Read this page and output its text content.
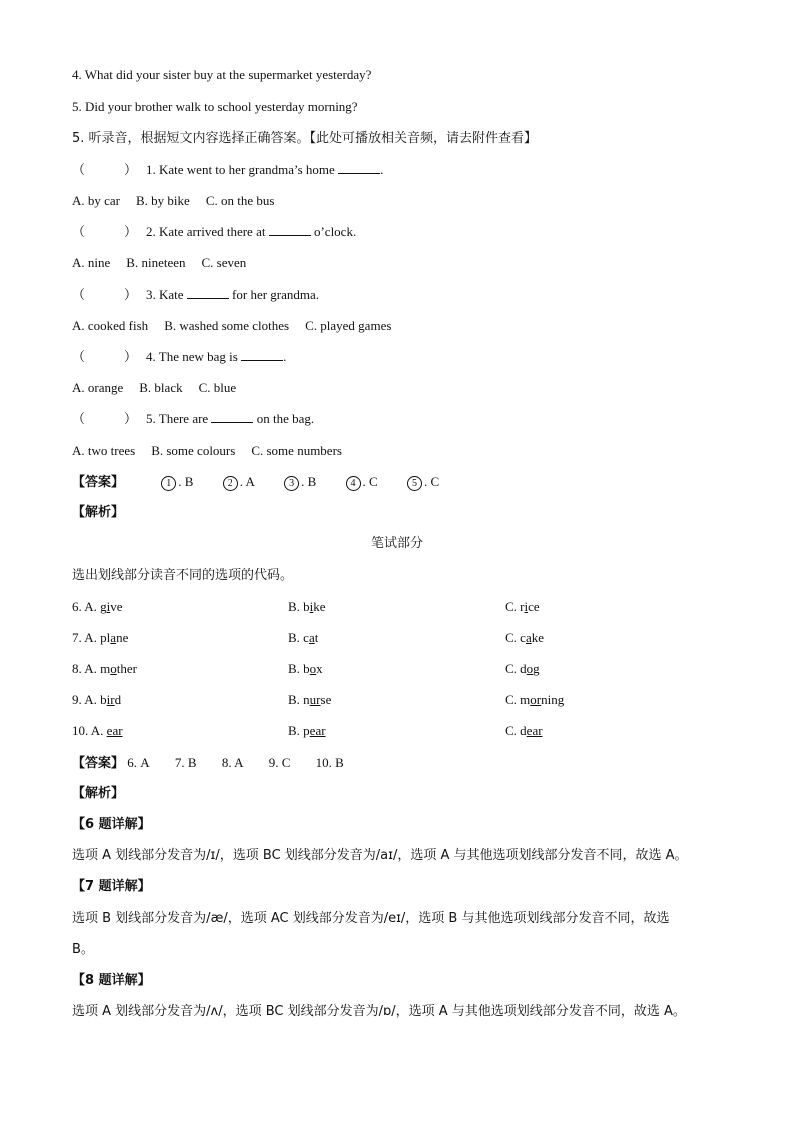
4. What did your sister buy at the supermarket yesterday?
5. Did your brother walk to school yesterday morning?
5. 听录音，根据短文内容选择正确答案。【此处可播放相关音频，请去附件查看】
（　　　） 1. Kate went to her grandma’s home	.
A. by car B. by bike C. on the bus
（　　　） 2. Kate arrived there at	o’clock.
A. nine B. nineteen C. seven
（　　　） 3. Kate	for her grandma.
A. cooked fish B. washed some clothes C. played games
（　　　） 4. The new bag is	.
A. orange B. black C. blue
（　　　） 5. There are	on the bag.
A. two trees B. some colours C. some numbers
【答案】	1 . B	2 . A	3 . B	4 . C	5 . C
【解析】
笔试部分
选出划线部分读音不同的选项的代码。
6. A. give	B. bike	C. rice
7. A. plane	B. cat	C. cake
8. A. mother	B. box	C. dog
9. A. bird	B. nurse	C. morning
10. A. ear	B. pear	C. dear
【答案】 6. A 7. B 8. A 9. C 10. B
【解析】
【6 题详解】
选项 A 划线部分发音为/ɪ/，选项 BC 划线部分发音为/aɪ/，选项 A 与其他选项划线部分发音不同，故选 A。
【7 题详解】
选项 B 划线部分发音为/æ/，选项 AC 划线部分发音为/eɪ/，选项 B 与其他选项划线部分发音不同，故选
B。
【8 题详解】
选项 A 划线部分发音为/ʌ/，选项 BC 划线部分发音为/ɒ/，选项 A 与其他选项划线部分发音不同，故选 A。
